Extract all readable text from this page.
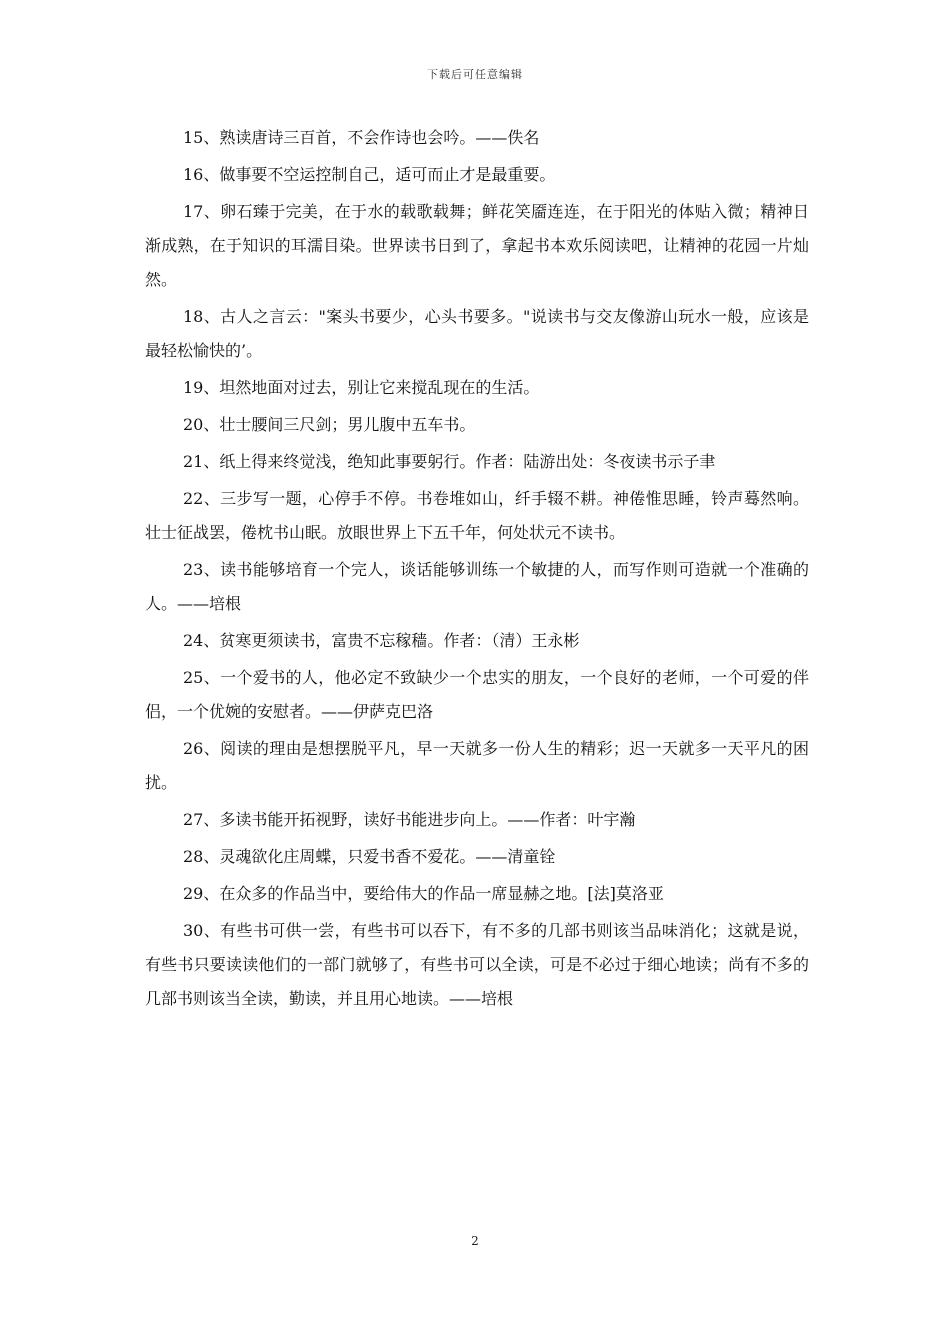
下载后可任意编辑

15、熟读唐诗三百首，不会作诗也会吟。——佚名

16、做事要不空运控制自己，适可而止才是最重要。

17、卵石臻于完美，在于水的载歌载舞；鲜花笑靥连连，在于阳光的体贴入微；精神日渐成熟，在于知识的耳濡目染。世界读书日到了，拿起书本欢乐阅读吧，让精神的花园一片灿然。

18、古人之言云："案头书要少，心头书要多。"说读书与交友像游山玩水一般，应该是最轻松愉快的’。

19、坦然地面对过去，别让它来搅乱现在的生活。

20、壮士腰间三尺剑；男儿腹中五车书。

21、纸上得来终觉浅，绝知此事要躬行。作者：陆游出处：冬夜读书示子聿

22、三步写一题，心停手不停。书卷堆如山，纤手辍不耕。神倦惟思睡，铃声蓦然响。壮士征战罢，倦枕书山眠。放眼世界上下五千年，何处状元不读书。

23、读书能够培育一个完人，谈话能够训练一个敏捷的人，而写作则可造就一个准确的人。——培根

24、贫寒更须读书，富贵不忘稼穑。作者：（清）王永彬

25、一个爱书的人，他必定不致缺少一个忠实的朋友，一个良好的老师，一个可爱的伴侣，一个优婉的安慰者。——伊萨克巴洛

26、阅读的理由是想摆脱平凡，早一天就多一份人生的精彩；迟一天就多一天平凡的困扰。

27、多读书能开拓视野，读好书能进步向上。——作者：叶宇瀚

28、灵魂欲化庄周蝶，只爱书香不爱花。——清童铨

29、在众多的作品当中，要给伟大的作品一席显赫之地。[法]莫洛亚

30、有些书可供一尝，有些书可以吞下，有不多的几部书则该当品味消化；这就是说，有些书只要读读他们的一部门就够了，有些书可以全读，可是不必过于细心地读；尚有不多的几部书则该当全读，勤读，并且用心地读。——培根

2
